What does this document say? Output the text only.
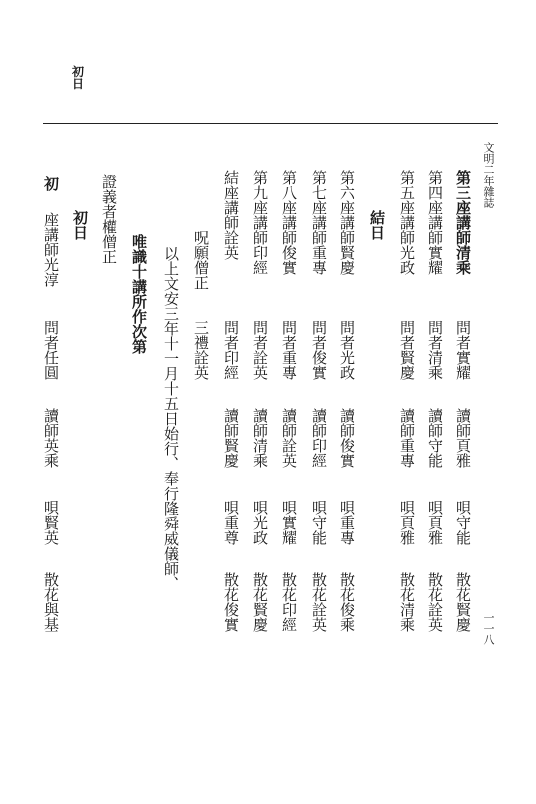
初日
文明二年雜誌
一一八
第三座講師清乘
問者實耀
讀師頁雅
唄守能
散花賢慶
第四座講師實耀
問者清乘
讀師守能
唄頁雅
散花詮英
第五座講師光政
問者賢慶
讀師重專
唄頁雅
散花清乘
結日
第六座講師賢慶
問者光政
讀師俊實
唄重專
散花俊乘
第七座講師重專
問者俊實
讀師印經
唄守能
散花詮英
第八座講師俊實
問者重專
讀師詮英
唄實耀
散花印經
第九座講師印經
問者詮英
讀師清乘
唄光政
散花賢慶
結座講師詮英
問者印經
讀師賢慶
唄重尊
散花俊實
呪願僧正
三禮詮英
以上文安三年十一月十五日始行、奉行隆舜威儀師、
唯識十講所作次第
證義者權僧正
初日
初
座講師光淳
問者任圓
讀師英乘
唄賢英
散花與基
